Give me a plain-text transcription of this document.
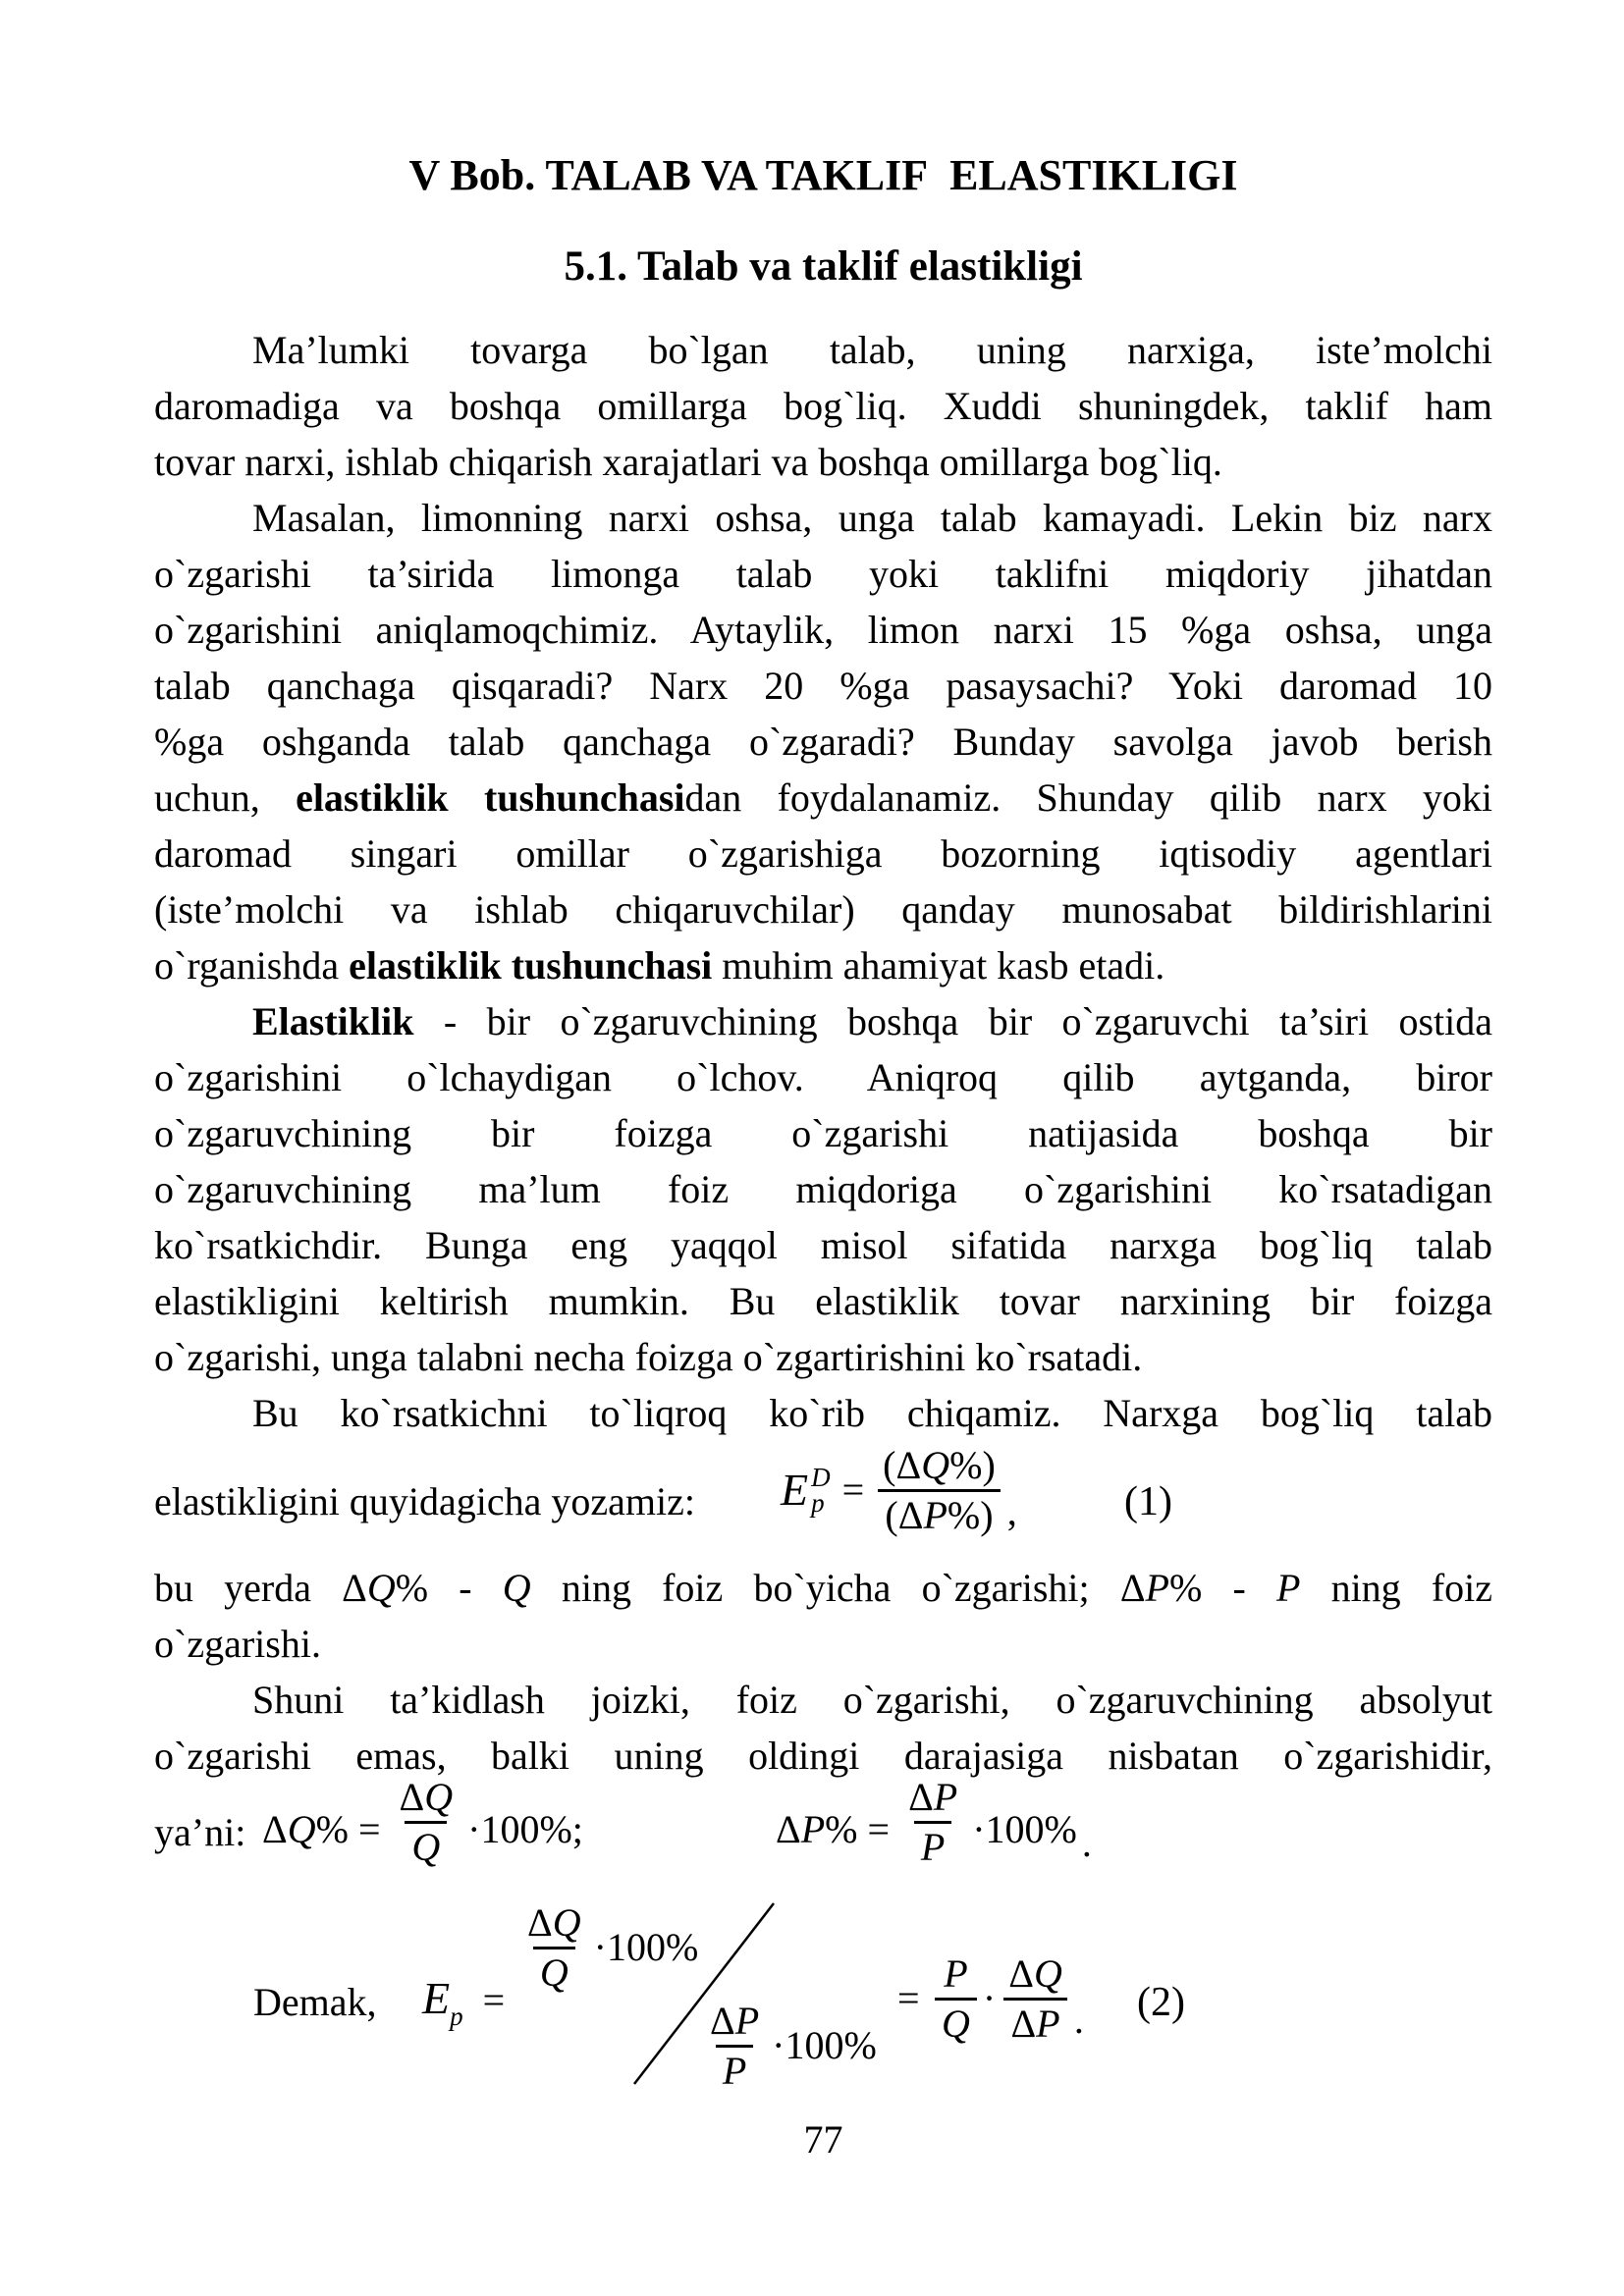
V Bob. TALAB VA TAKLIF  ELASTIKLIGI
5.1. Talab va taklif elastikligi
Ma’lumki tovarga bo`lgan talab, uning narxiga, iste’molchi
daromadiga va boshqa omillarga bog`liq. Xuddi shuningdek, taklif ham
tovar narxi, ishlab chiqarish xarajatlari va boshqa omillarga bog`liq.
Masalan, limonning narxi oshsa, unga talab kamayadi. Lekin biz narx
o`zgarishi ta’sirida limonga talab yoki taklifni miqdoriy jihatdan
o`zgarishini aniqlamoqchimiz. Aytaylik, limon narxi 15 %ga oshsa, unga
talab qanchaga qisqaradi? Narx 20 %ga pasaysachi? Yoki daromad 10
%ga oshganda talab qanchaga o`zgaradi? Bunday savolga javob berish
uchun, elastiklik tushunchasidan foydalanamiz. Shunday qilib narx yoki
daromad singari omillar o`zgarishiga bozorning iqtisodiy agentlari
(iste’molchi va ishlab chiqaruvchilar) qanday munosabat bildirishlarini
o`rganishda elastiklik tushunchasi muhim ahamiyat kasb etadi.
Elastiklik - bir o`zgaruvchining boshqa bir o`zgaruvchi ta’siri ostida
o`zgarishini o`lchaydigan o`lchov. Aniqroq qilib aytganda, biror
o`zgaruvchining bir foizga o`zgarishi natijasida boshqa bir
o`zgaruvchining ma’lum foiz miqdoriga o`zgarishini ko`rsatadigan
ko`rsatkichdir. Bunga eng yaqqol misol sifatida narxga bog`liq talab
elastikligini keltirish mumkin. Bu elastiklik tovar narxining bir foizga
o`zgarishi, unga talabni necha foizga o`zgartirishini ko`rsatadi.
Bu ko`rsatkichni to`liqroq ko`rib chiqamiz. Narxga bog`liq talab
elastikligini quyidagicha yozamiz: E D
$p = \frac{(\Delta Q\%)}{(\Delta P\%)}$ ,	(1)
bu yerda ΔQ% - Q ning foiz bo`yicha o`zgarishi; ΔP% - P ning foiz
o`zgarishi.
Shuni ta’kidlash joizki, foiz o`zgarishi, o`zgaruvchining absolyut
o`zgarishi emas, balki uning oldingi darajasiga nisbatan o`zgarishidir,
ya’ni: $\Delta Q\% = \frac{\Delta Q}{Q} \cdot 100\%$;	$\Delta P\% = \frac{\Delta P}{P} \cdot 100\%$ .
Demak, $E_p$ =
$\frac{\Delta Q}{Q} \cdot 100\%$
$\frac{\Delta P}{P} \cdot 100\%$
= $\frac{P}{Q} \cdot \frac{\Delta Q}{\Delta P}$ . (2)
77
